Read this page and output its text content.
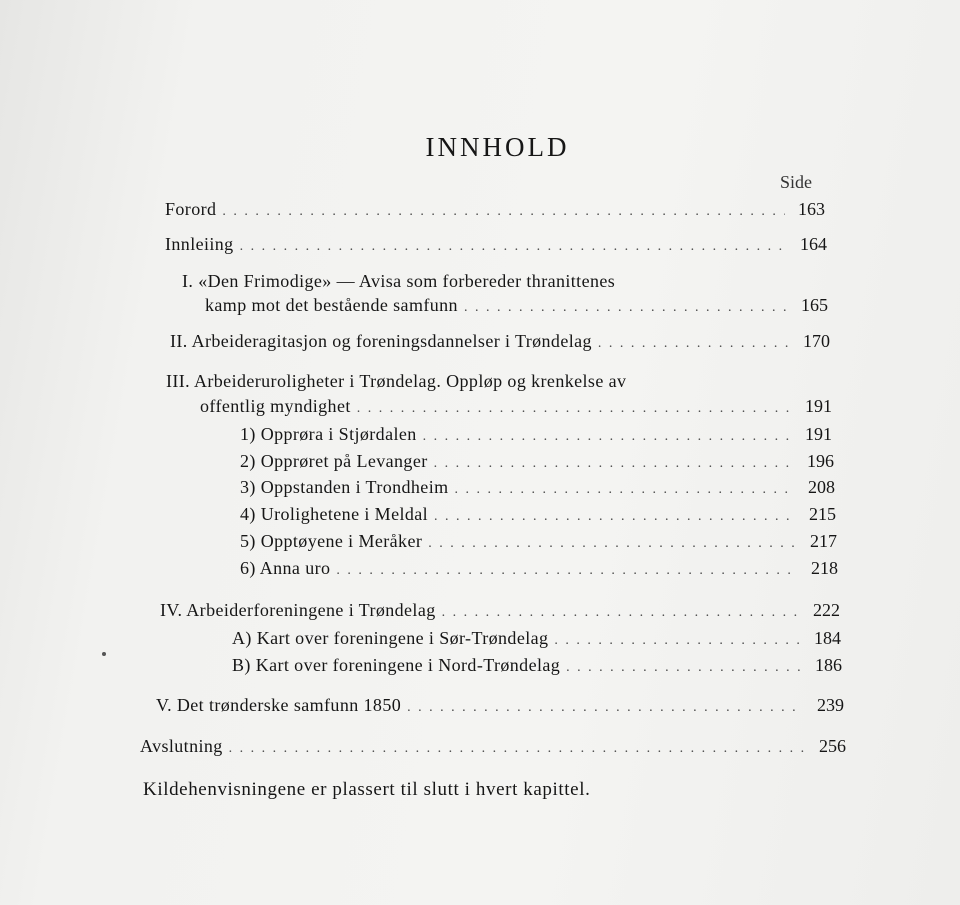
INNHOLD
Side
Forord . . .	163
Innleiing . . .	164
I. «Den Frimodige» — Avisa som forbereder thranittenes
kamp mot det bestående samfunn . . .	165
II. Arbeideragitasjon og foreningsdannelser i Trøndelag . . .	170
III. Arbeideruroligheter i Trøndelag. Oppløp og krenkelse av
offentlig myndighet . . .	191
1) Opprøra i Stjørdalen . . .	191
2) Opprøret på Levanger . . .	196
3) Oppstanden i Trondheim . . .	208
4) Urolighetene i Meldal . . .	215
5) Opptøyene i Meråker . . .	217
6) Anna uro . . .	218
IV. Arbeiderforeningene i Trøndelag . . .	222
A) Kart over foreningene i Sør-Trøndelag . . .	184
B) Kart over foreningene i Nord-Trøndelag . . .	186
V. Det trønderske samfunn 1850 . . .	239
Avslutning . . .	256
Kildehenvisningene er plassert til slutt i hvert kapittel.
